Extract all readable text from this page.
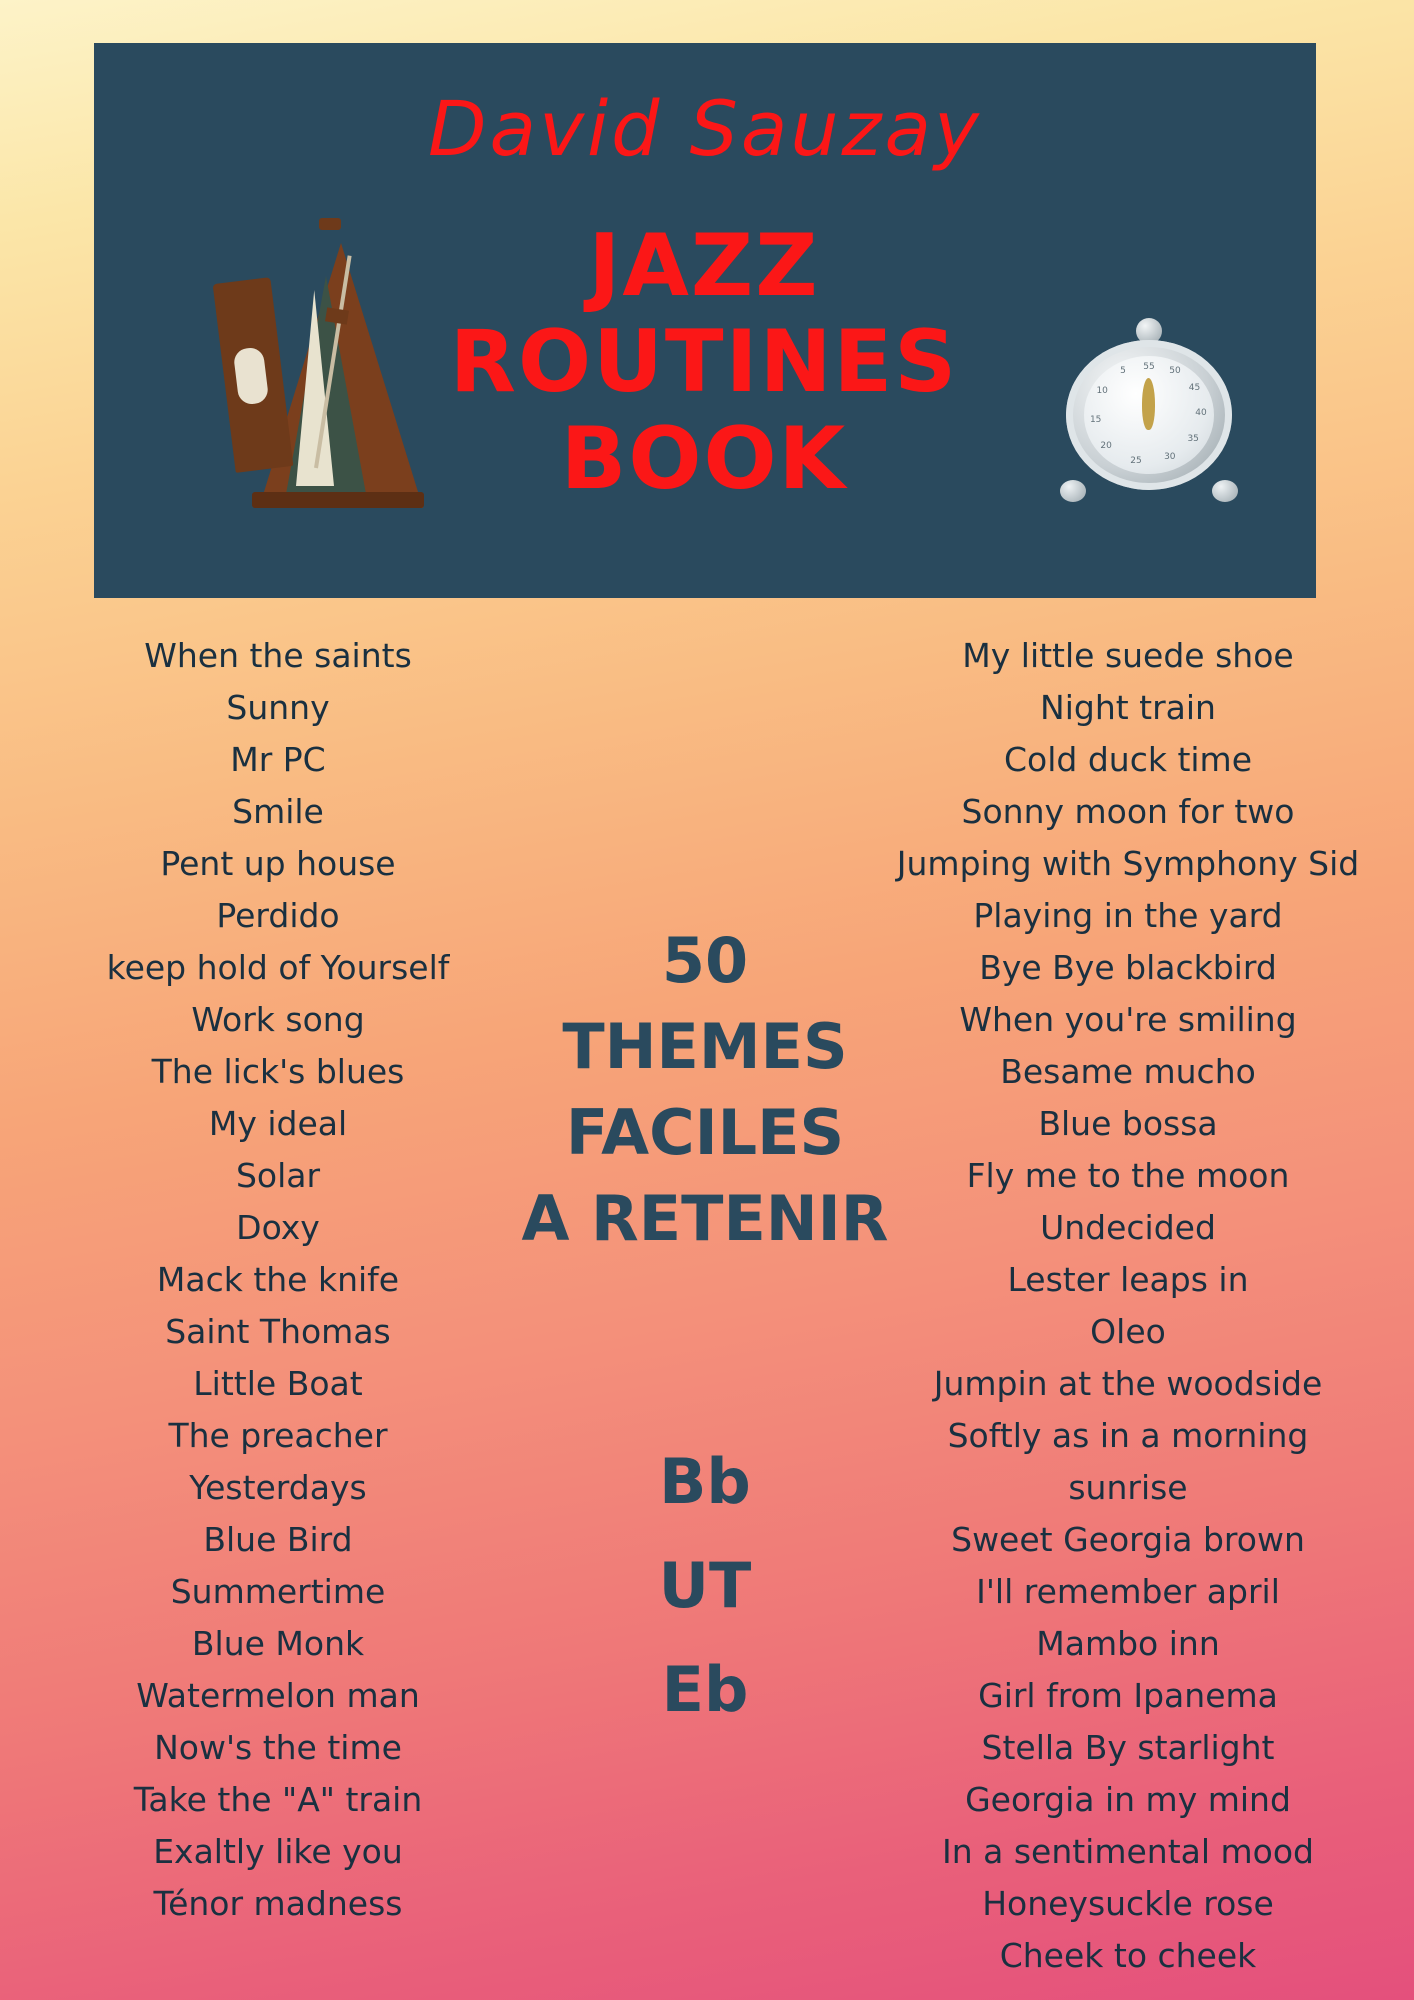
David Sauzay
JAZZ
ROUTINES
BOOK
55 50
45
40
35
30
25
20
15
10
5
When the saints
Sunny
Mr PC
Smile
Pent up house
Perdido
keep hold of Yourself
Work song
The lick's blues
My ideal
Solar
Doxy
Mack the knife
Saint Thomas
Little Boat
The preacher
Yesterdays
Blue Bird
Summertime
Blue Monk
Watermelon man
Now's the time
Take the "A" train
Exaltly like you
Ténor madness
My little suede shoe
Night train
Cold duck time
Sonny moon for two
Jumping with Symphony Sid
Playing in the yard
Bye Bye blackbird
When you're smiling
Besame mucho
Blue bossa
Fly me to the moon
Undecided
Lester leaps in
Oleo
Jumpin at the woodside
Softly as in a morning
sunrise
Sweet Georgia brown
I'll remember april
Mambo inn
Girl from Ipanema
Stella By starlight
Georgia in my mind
In a sentimental mood
Honeysuckle rose
Cheek to cheek
50
THEMES
FACILES
A RETENIR
Bb
UT
Eb
